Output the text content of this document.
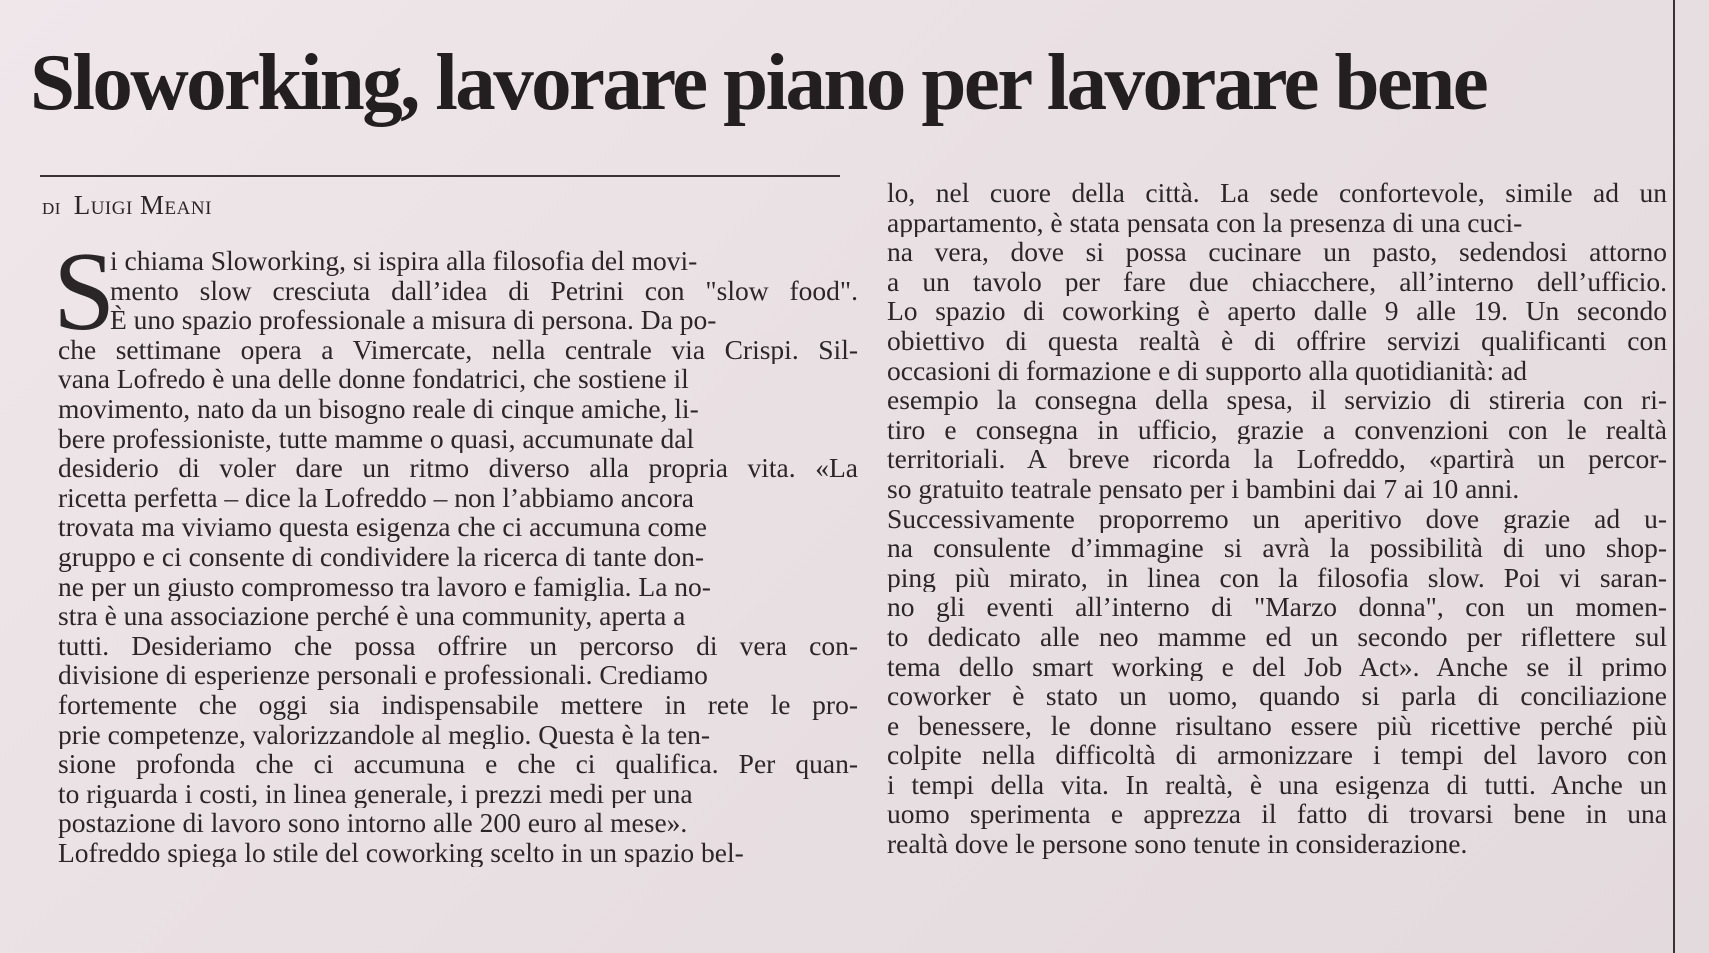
Sloworking, lavorare piano per lavorare bene
DI Luigi Meani
S
i chiama Sloworking, si ispira alla filosofia del movi-
mento slow cresciuta dall’idea di Petrini con "slow food".
È uno spazio professionale a misura di persona. Da po-
che settimane opera a Vimercate, nella centrale via Crispi. Sil-
vana Lofredo è una delle donne fondatrici, che sostiene il
movimento, nato da un bisogno reale di cinque amiche, li-
bere professioniste, tutte mamme o quasi, accumunate dal
desiderio di voler dare un ritmo diverso alla propria vita. «La
ricetta perfetta – dice la Lofreddo – non l’abbiamo ancora
trovata ma viviamo questa esigenza che ci accumuna come
gruppo e ci consente di condividere la ricerca di tante don-
ne per un giusto compromesso tra lavoro e famiglia. La no-
stra è una associazione perché è una community, aperta a
tutti. Desideriamo che possa offrire un percorso di vera con-
divisione di esperienze personali e professionali. Crediamo
fortemente che oggi sia indispensabile mettere in rete le pro-
prie competenze, valorizzandole al meglio. Questa è la ten-
sione profonda che ci accumuna e che ci qualifica. Per quan-
to riguarda i costi, in linea generale, i prezzi medi per una
postazione di lavoro sono intorno alle 200 euro al mese».
Lofreddo spiega lo stile del coworking scelto in un spazio bel-
lo, nel cuore della città. La sede confortevole, simile ad un
appartamento, è stata pensata con la presenza di una cuci-
na vera, dove si possa cucinare un pasto, sedendosi attorno
a un tavolo per fare due chiacchere, all’interno dell’ufficio.
Lo spazio di coworking è aperto dalle 9 alle 19. Un secondo
obiettivo di questa realtà è di offrire servizi qualificanti con
occasioni di formazione e di supporto alla quotidianità: ad
esempio la consegna della spesa, il servizio di stireria con ri-
tiro e consegna in ufficio, grazie a convenzioni con le realtà
territoriali. A breve ricorda la Lofreddo, «partirà un percor-
so gratuito teatrale pensato per i bambini dai 7 ai 10 anni.
Successivamente proporremo un aperitivo dove grazie ad u-
na consulente d’immagine si avrà la possibilità di uno shop-
ping più mirato, in linea con la filosofia slow. Poi vi saran-
no gli eventi all’interno di "Marzo donna", con un momen-
to dedicato alle neo mamme ed un secondo per riflettere sul
tema dello smart working e del Job Act». Anche se il primo
coworker è stato un uomo, quando si parla di conciliazione
e benessere, le donne risultano essere più ricettive perché più
colpite nella difficoltà di armonizzare i tempi del lavoro con
i tempi della vita. In realtà, è una esigenza di tutti. Anche un
uomo sperimenta e apprezza il fatto di trovarsi bene in una
realtà dove le persone sono tenute in considerazione.
